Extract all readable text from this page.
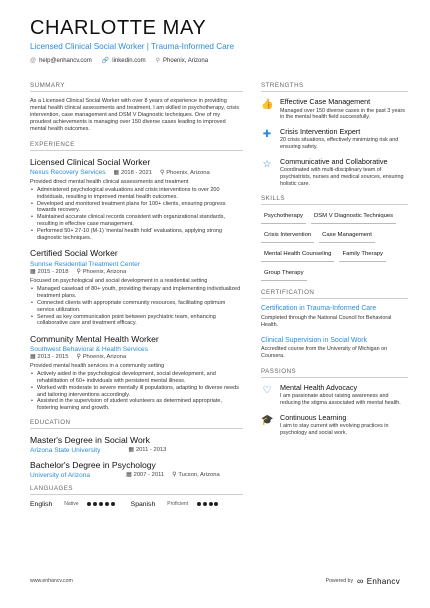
CHARLOTTE MAY
Licensed Clinical Social Worker | Trauma-Informed Care
@ help@enhancv.com 🔗 linkedin.com ⚲ Phoenix, Arizona
SUMMARY
As a Licensed Clinical Social Worker with over 8 years of experience in providing mental health clinical assessments and treatment, I am skilled in psychotherapy, crisis intervention, case management and DSM V Diagnostic techniques. One of my proudest achievements is managing over 150 diverse cases leading to improved mental health outcomes.
EXPERIENCE
Licensed Clinical Social Worker
Nexus Recovery Services ▦ 2018 - 2021 ⚲ Phoenix, Arizona
Provided direct mental health clinical assessments and treatment
• Administered psychological evaluations and crisis interventions to over 200 individuals, resulting in improved mental health outcomes.
• Developed and monitored treatment plans for 100+ clients, ensuring progress towards recovery.
• Maintained accurate clinical records consistent with organizational standards, resulting in effective case management.
• Performed 50+ 27-10 (M-1) 'mental health hold' evaluations, applying strong diagnostic techniques.
Certified Social Worker
Sunrise Residential Treatment Center
▦ 2015 - 2018 ⚲ Phoenix, Arizona
Focused on psychological and social development in a residential setting
• Managed caseload of 80+ youth, providing therapy and implementing individualized treatment plans.
• Connected clients with appropriate community resources, facilitating optimum service utilization.
• Served as key communication point between psychiatric team, enhancing collaborative care and treatment efficacy.
Community Mental Health Worker
Southwest Behavioral & Health Services
▦ 2013 - 2015 ⚲ Phoenix, Arizona
Provided mental health services in a community setting
• Actively aided in the psychological development, social development, and rehabilitation of 60+ individuals with persistent mental illness.
• Worked with moderate to severe mentally ill populations, adapting to diverse needs and tailoring interventions accordingly.
• Assisted in the supervision of student volunteers as determined appropriate, fostering learning and growth.
EDUCATION
Master's Degree in Social Work
Arizona State University	▦ 2011 - 2013
Bachelor's Degree in Psychology
University of Arizona	▦ 2007 - 2011 ⚲ Tucson, Arizona
LANGUAGES
English Native	Spanish Proficient
STRENGTHS
👍 Effective Case Management
Managed over 150 diverse cases in the past 3 years in the mental health field successfully.
✚ Crisis Intervention Expert
20 crisis situations, effectively minimizing risk and ensuring safety.
☆ Communicative and Collaborative
Coordinated with multi-disciplinary team of psychiatrists, nurses and medical sources, ensuring holistic care.
SKILLS
Psychotherapy	DSM V Diagnostic Techniques
Crisis Intervention	Case Management
Mental Health Counseling	Family Therapy
Group Therapy
CERTIFICATION
Certification in Trauma-Informed Care
Completed through the National Council for Behavioral Health.
Clinical Supervision in Social Work
Accredited course from the University of Michigan on Coursera.
PASSIONS
♡ Mental Health Advocacy
I am passionate about raising awareness and reducing the stigma associated with mental health.
🎓 Continuous Learning
I aim to stay current with evolving practices in psychology and social work.
www.enhancv.com	Powered by ∞ Enhancv
